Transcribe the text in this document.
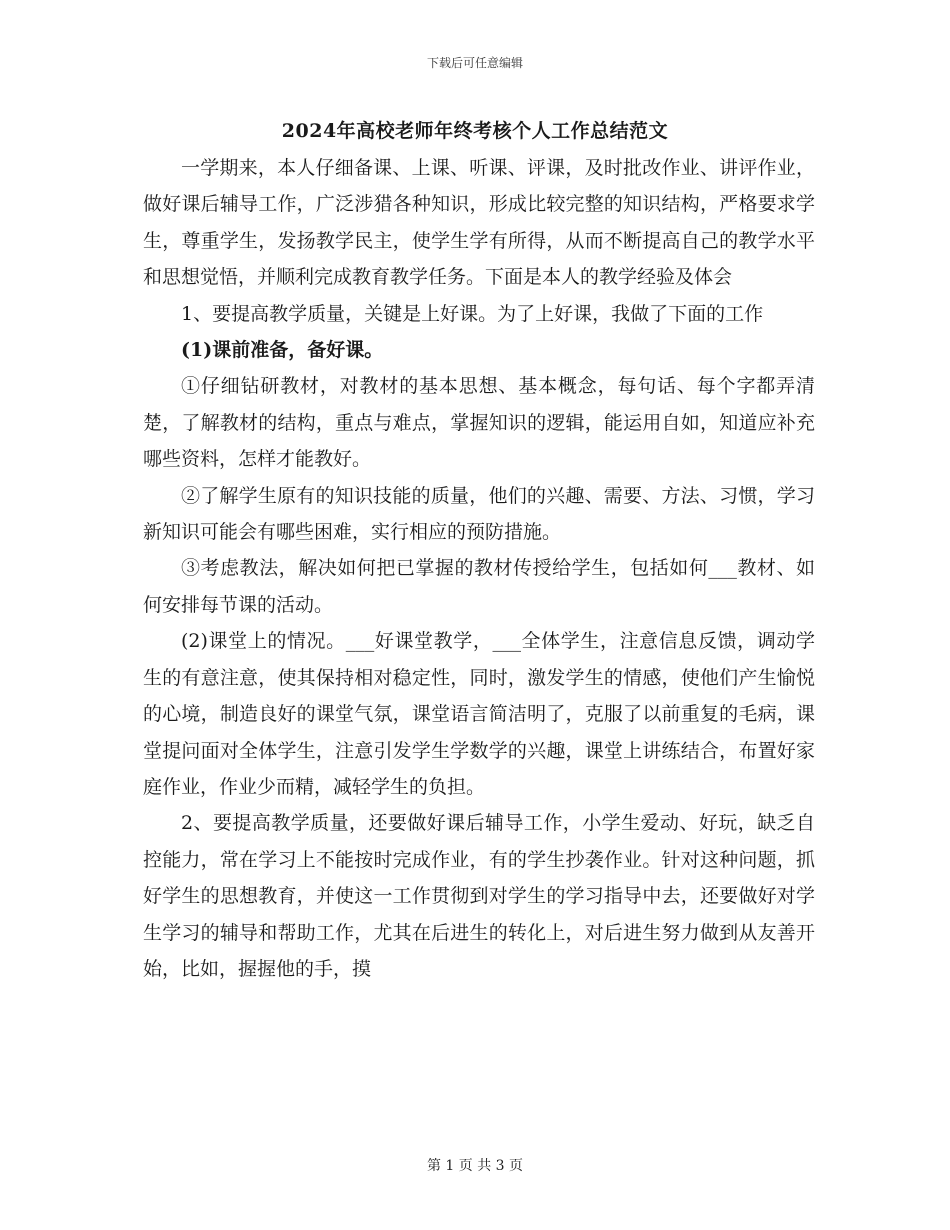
下载后可任意编辑
2024年高校老师年终考核个人工作总结范文

一学期来，本人仔细备课、上课、听课、评课，及时批改作业、讲评作业，做好课后辅导工作，广泛涉猎各种知识，形成比较完整的知识结构，严格要求学生，尊重学生，发扬教学民主，使学生学有所得，从而不断提高自己的教学水平和思想觉悟，并顺利完成教育教学任务。下面是本人的教学经验及体会

1、要提高教学质量，关键是上好课。为了上好课，我做了下面的工作

(1)课前准备，备好课。

①仔细钻研教材，对教材的基本思想、基本概念，每句话、每个字都弄清楚，了解教材的结构，重点与难点，掌握知识的逻辑，能运用自如，知道应补充哪些资料，怎样才能教好。

②了解学生原有的知识技能的质量，他们的兴趣、需要、方法、习惯，学习新知识可能会有哪些困难，实行相应的预防措施。

③考虑教法，解决如何把已掌握的教材传授给学生，包括如何___教材、如何安排每节课的活动。

(2)课堂上的情况。___好课堂教学，___全体学生，注意信息反馈，调动学生的有意注意，使其保持相对稳定性，同时，激发学生的情感，使他们产生愉悦的心境，制造良好的课堂气氛，课堂语言简洁明了，克服了以前重复的毛病，课堂提问面对全体学生，注意引发学生学数学的兴趣，课堂上讲练结合，布置好家庭作业，作业少而精，减轻学生的负担。

2、要提高教学质量，还要做好课后辅导工作，小学生爱动、好玩，缺乏自控能力，常在学习上不能按时完成作业，有的学生抄袭作业。针对这种问题，抓好学生的思想教育，并使这一工作贯彻到对学生的学习指导中去，还要做好对学生学习的辅导和帮助工作，尤其在后进生的转化上，对后进生努力做到从友善开始，比如，握握他的手，摸

第 1 页 共 3 页
